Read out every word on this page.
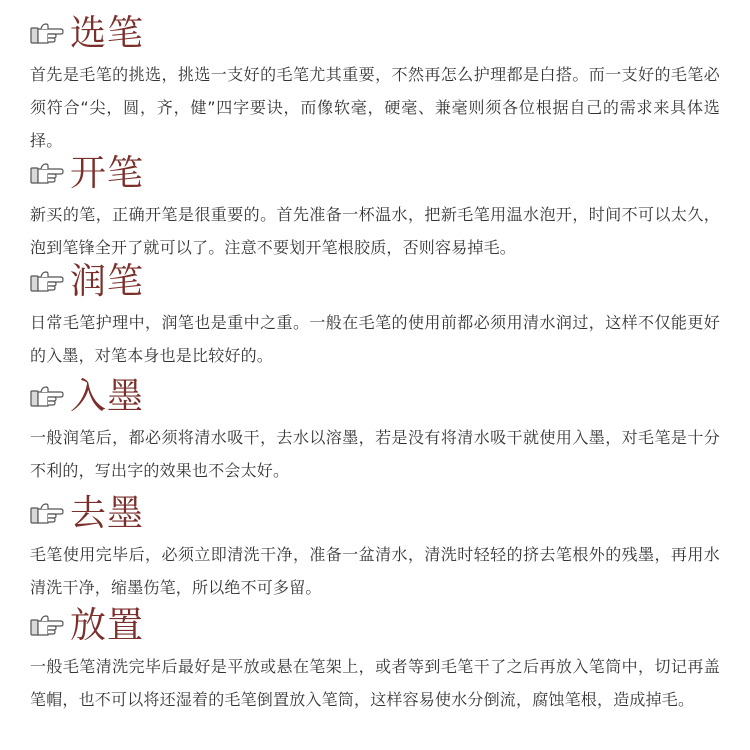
选笔

首先是毛笔的挑选，挑选一支好的毛笔尤其重要，不然再怎么护理都是白搭。而一支好的毛笔必须符合“尖，圆，齐，健”四字要诀，而像软毫，硬毫、兼毫则须各位根据自己的需求来具体选择。

开笔

新买的笔，正确开笔是很重要的。首先准备一杯温水，把新毛笔用温水泡开，时间不可以太久，泡到笔锋全开了就可以了。注意不要划开笔根胶质，否则容易掉毛。

润笔

日常毛笔护理中，润笔也是重中之重。一般在毛笔的使用前都必须用清水润过，这样不仅能更好的入墨，对笔本身也是比较好的。

入墨

一般润笔后，都必须将清水吸干，去水以溶墨，若是没有将清水吸干就使用入墨，对毛笔是十分不利的，写出字的效果也不会太好。

去墨

毛笔使用完毕后，必须立即清洗干净，准备一盆清水，清洗时轻轻的挤去笔根外的残墨，再用水清洗干净，缩墨伤笔，所以绝不可多留。

放置

一般毛笔清洗完毕后最好是平放或悬在笔架上，或者等到毛笔干了之后再放入笔筒中，切记再盖笔帽，也不可以将还湿着的毛笔倒置放入笔筒，这样容易使水分倒流，腐蚀笔根，造成掉毛。
